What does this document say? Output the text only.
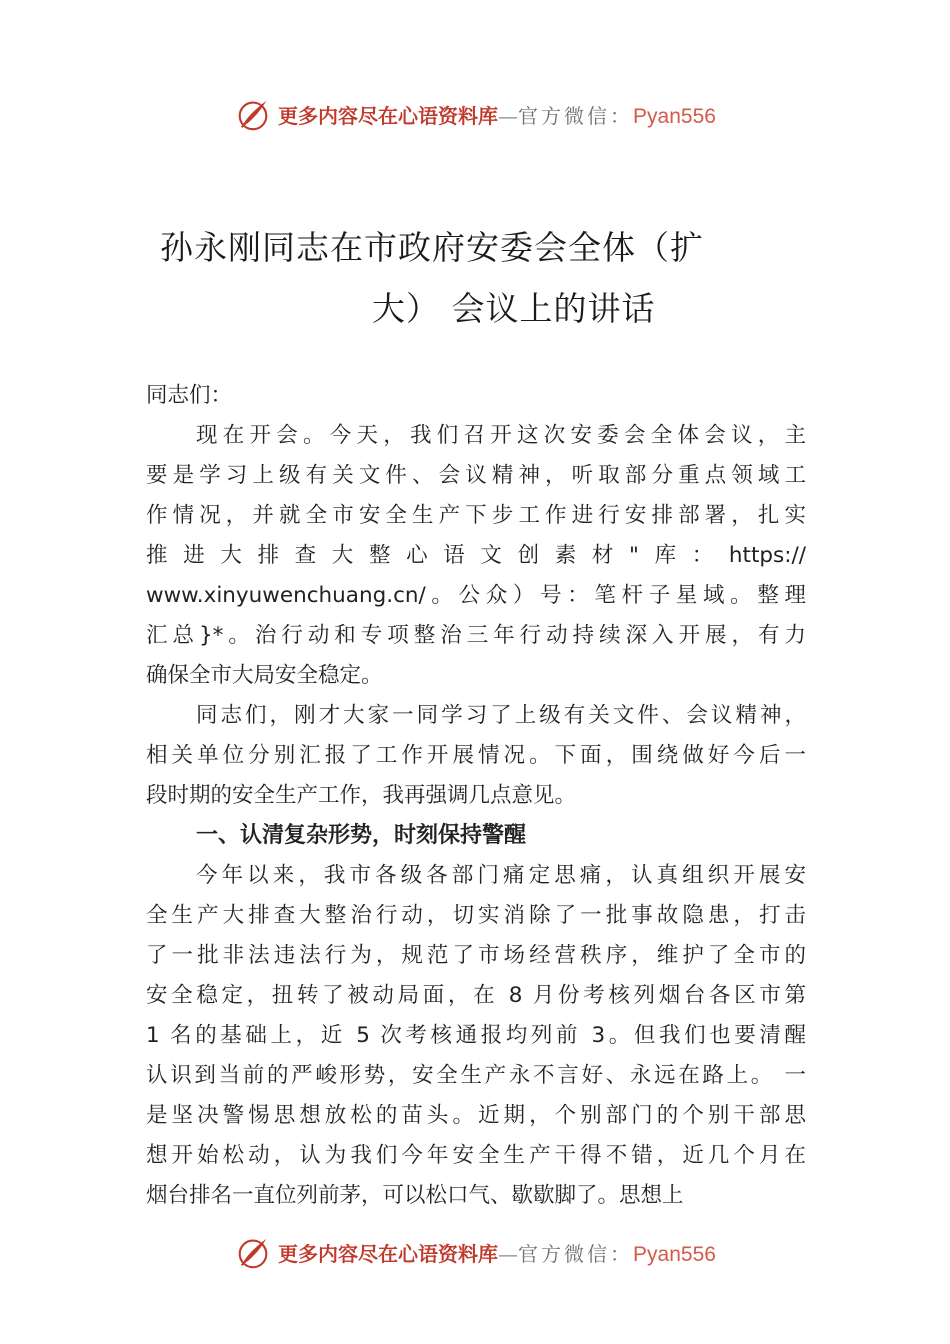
更多内容尽在心语资料库 — 官方微信： Pyan556
孙永刚同志在市政府安委会全体（扩
大） 会议上的讲话
同志们：
现在开会。今天，我们召开这次安委会全体会议，主
要是学习上级有关文件、会议精神，听取部分重点领域工
作情况，并就全市安全生产下步工作进行安排部署，扎实
推进大排查大整心语文创素材"库：https://
www.xinyuwenchuang.cn/。公众）号：笔杆子星域。整理
汇总}*。治行动和专项整治三年行动持续深入开展，有力
确保全市大局安全稳定。
同志们，刚才大家一同学习了上级有关文件、会议精神，
相关单位分别汇报了工作开展情况。下面，围绕做好今后一
段时期的安全生产工作，我再强调几点意见。
一、认清复杂形势，时刻保持警醒
今年以来，我市各级各部门痛定思痛，认真组织开展安
全生产大排查大整治行动，切实消除了一批事故隐患，打击
了一批非法违法行为，规范了市场经营秩序，维护了全市的
安全稳定，扭转了被动局面，在 8 月份考核列烟台各区市第
1 名的基础上，近 5 次考核通报均列前 3。但我们也要清醒
认识到当前的严峻形势，安全生产永不言好、永远在路上。 一
是坚决警惕思想放松的苗头。近期，个别部门的个别干部思
想开始松动，认为我们今年安全生产干得不错，近几个月在
烟台排名一直位列前茅，可以松口气、歇歇脚了。思想上
更多内容尽在心语资料库 — 官方微信： Pyan556
